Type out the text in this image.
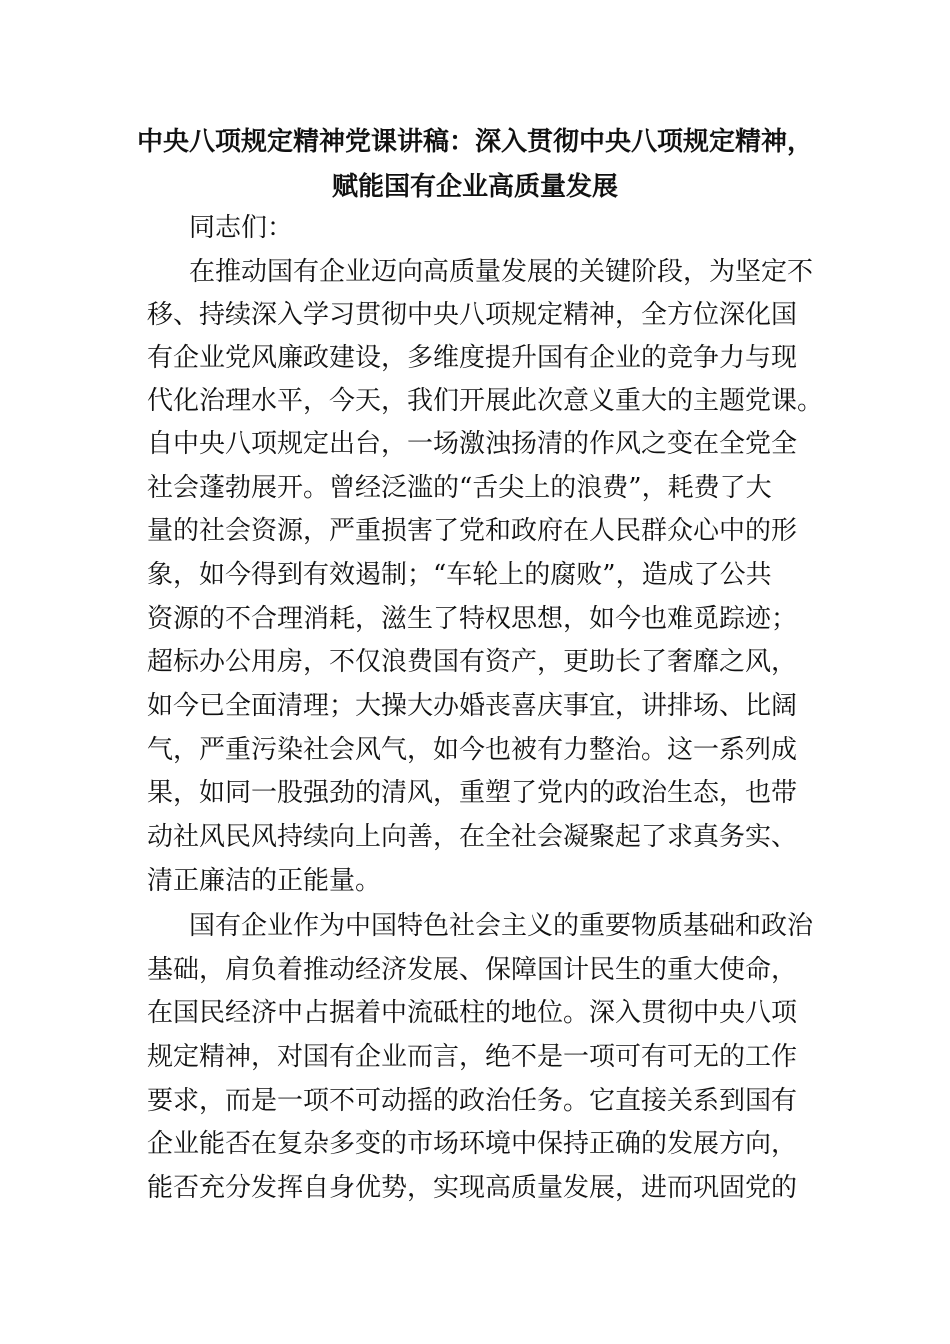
中央八项规定精神党课讲稿：深入贯彻中央八项规定精神，
赋能国有企业高质量发展
同志们：
在推动国有企业迈向高质量发展的关键阶段，为坚定不
移、持续深入学习贯彻中央八项规定精神，全方位深化国
有企业党风廉政建设，多维度提升国有企业的竞争力与现
代化治理水平，今天，我们开展此次意义重大的主题党课。
自中央八项规定出台，一场激浊扬清的作风之变在全党全
社会蓬勃展开。曾经泛滥的“舌尖上的浪费”，耗费了大
量的社会资源，严重损害了党和政府在人民群众心中的形
象，如今得到有效遏制；“车轮上的腐败”，造成了公共
资源的不合理消耗，滋生了特权思想，如今也难觅踪迹；
超标办公用房，不仅浪费国有资产，更助长了奢靡之风，
如今已全面清理；大操大办婚丧喜庆事宜，讲排场、比阔
气，严重污染社会风气，如今也被有力整治。这一系列成
果，如同一股强劲的清风，重塑了党内的政治生态，也带
动社风民风持续向上向善，在全社会凝聚起了求真务实、
清正廉洁的正能量。
国有企业作为中国特色社会主义的重要物质基础和政治
基础，肩负着推动经济发展、保障国计民生的重大使命，
在国民经济中占据着中流砥柱的地位。深入贯彻中央八项
规定精神，对国有企业而言，绝不是一项可有可无的工作
要求，而是一项不可动摇的政治任务。它直接关系到国有
企业能否在复杂多变的市场环境中保持正确的发展方向，
能否充分发挥自身优势，实现高质量发展，进而巩固党的
